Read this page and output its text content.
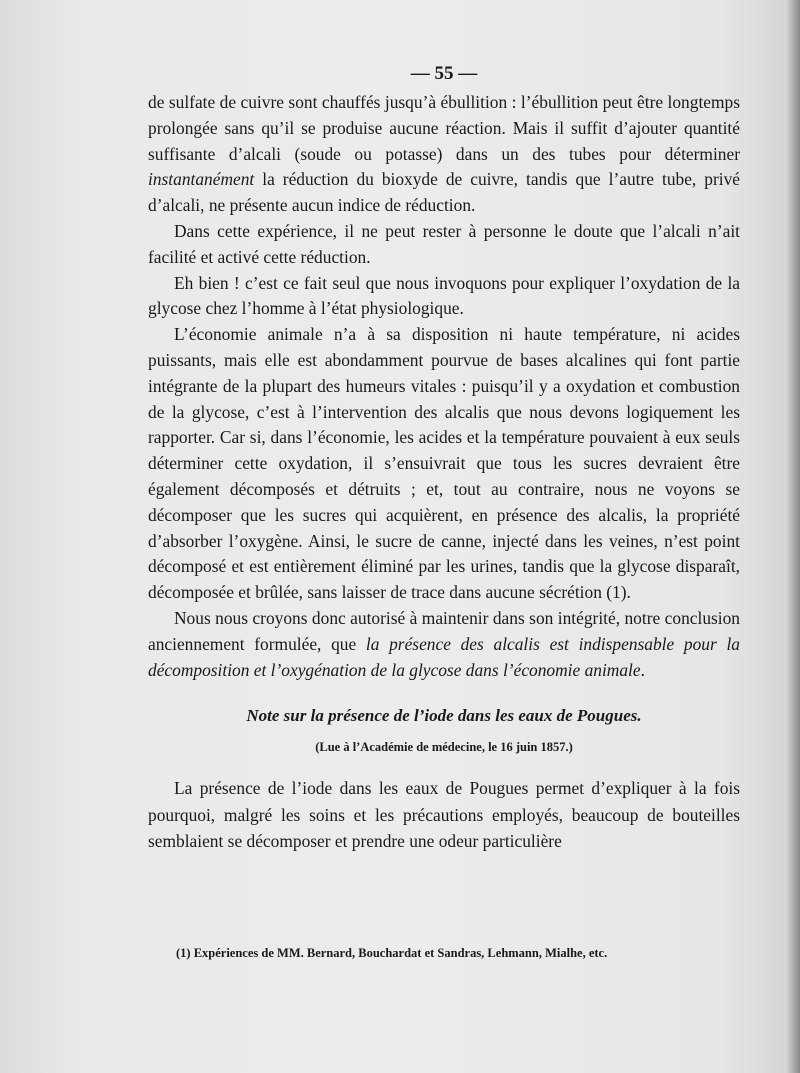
— 55 —

de sulfate de cuivre sont chauffés jusqu’à ébullition : l’ébullition peut être longtemps prolongée sans qu’il se produise aucune réaction. Mais il suffit d’ajouter quantité suffisante d’alcali (soude ou potasse) dans un des tubes pour déterminer instantanément la réduction du bioxyde de cuivre, tandis que l’autre tube, privé d’alcali, ne présente aucun indice de réduction.

Dans cette expérience, il ne peut rester à personne le doute que l’alcali n’ait facilité et activé cette réduction.

Eh bien ! c’est ce fait seul que nous invoquons pour expliquer l’oxydation de la glycose chez l’homme à l’état physiologique.

L’économie animale n’a à sa disposition ni haute température, ni acides puissants, mais elle est abondamment pourvue de bases alcalines qui font partie intégrante de la plupart des humeurs vitales : puisqu’il y a oxydation et combustion de la glycose, c’est à l’intervention des alcalis que nous devons logiquement les rapporter. Car si, dans l’économie, les acides et la température pouvaient à eux seuls déterminer cette oxydation, il s’ensuivrait que tous les sucres devraient être également décomposés et détruits ; et, tout au contraire, nous ne voyons se décomposer que les sucres qui acquièrent, en présence des alcalis, la propriété d’absorber l’oxygène. Ainsi, le sucre de canne, injecté dans les veines, n’est point décomposé et est entièrement éliminé par les urines, tandis que la glycose disparaît, décomposée et brûlée, sans laisser de trace dans aucune sécrétion (1).

Nous nous croyons donc autorisé à maintenir dans son intégrité, notre conclusion anciennement formulée, que la présence des alcalis est indispensable pour la décomposition et l’oxygénation de la glycose dans l’économie animale.

Note sur la présence de l’iode dans les eaux de Pougues.
(Lue à l’Académie de médecine, le 16 juin 1857.)

La présence de l’iode dans les eaux de Pougues permet d’expliquer à la fois pourquoi, malgré les soins et les précautions employés, beaucoup de bouteilles semblaient se décomposer et prendre une odeur particulière

(1) Expériences de MM. Bernard, Bouchardat et Sandras, Lehmann, Mialhe, etc.
